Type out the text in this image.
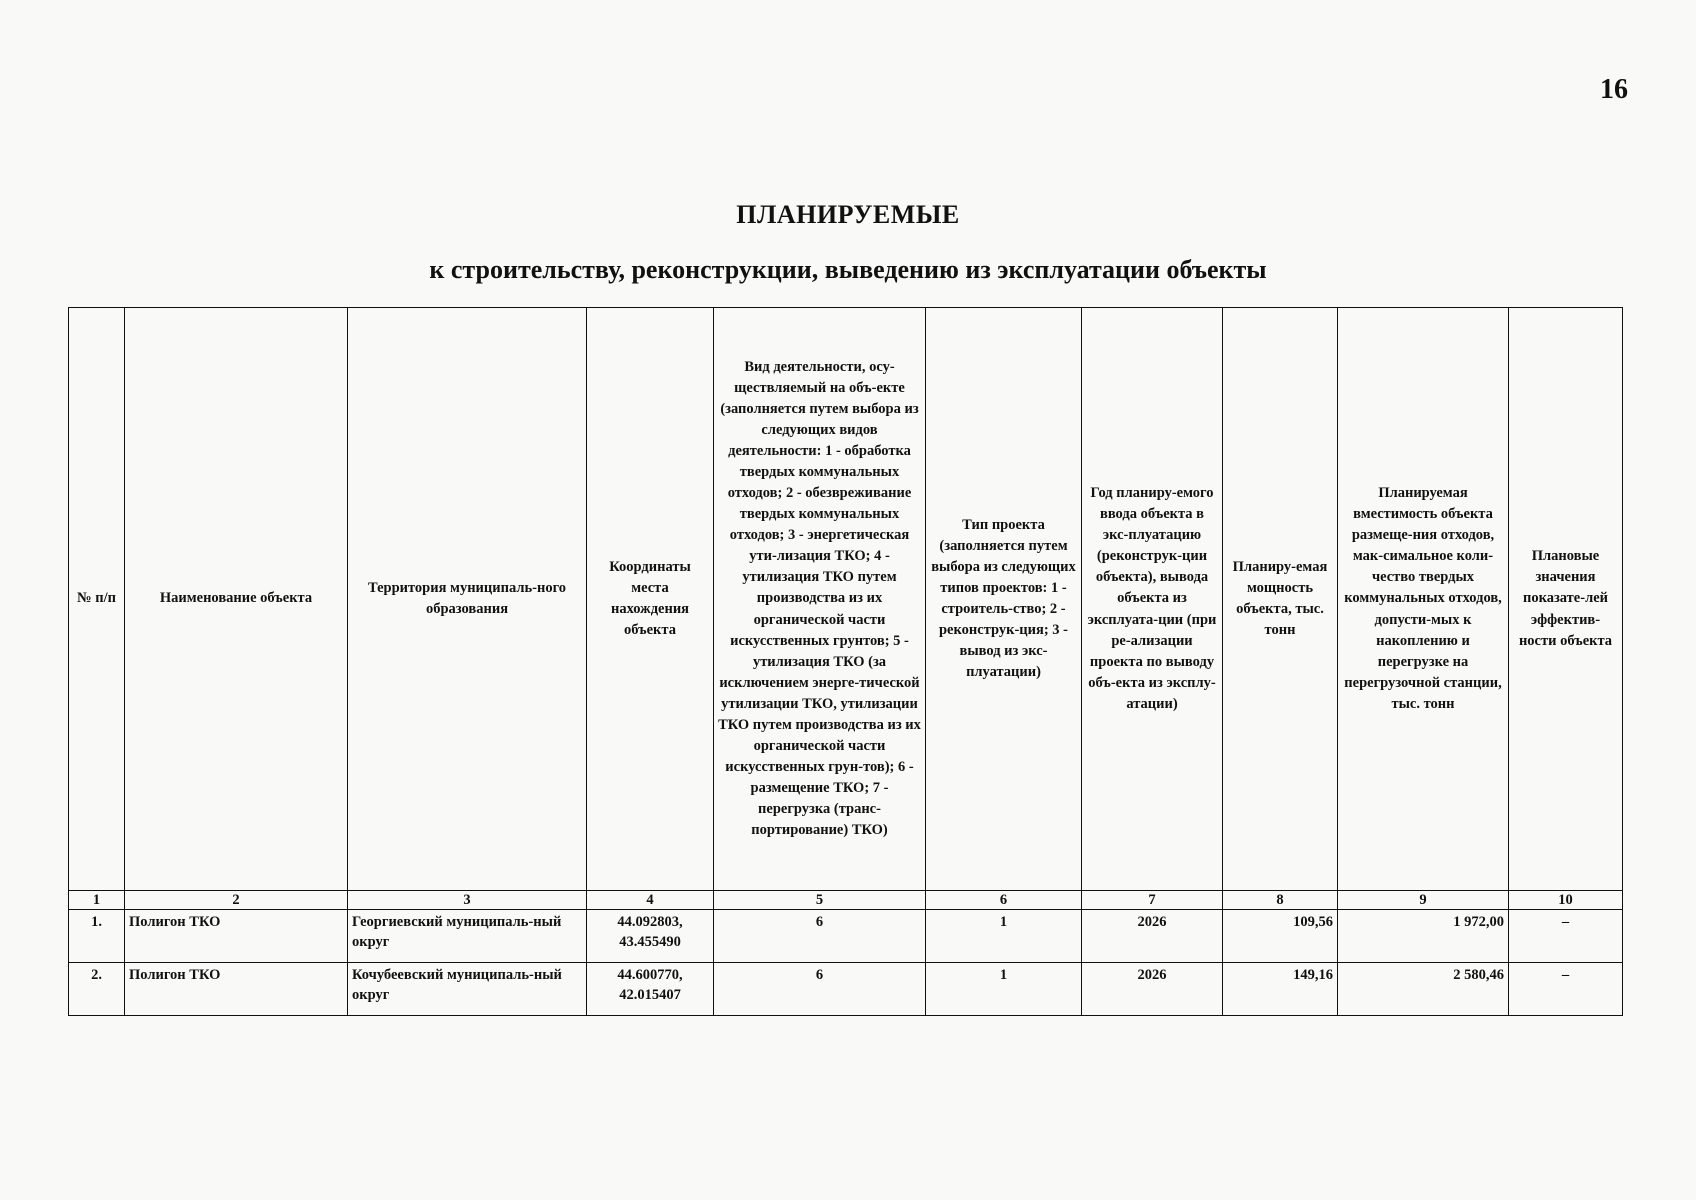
16
ПЛАНИРУЕМЫЕ
к строительству, реконструкции, выведению из эксплуатации объекты
№ п/п	Наименование объекта	Территория муниципаль-ного образования	Координаты места нахождения объекта	Вид деятельности, осу-ществляемый на объ-екте (заполняется путем выбора из следующих видов деятельности: 1 - обработка твердых коммунальных отходов; 2 - обезвреживание твердых коммунальных отходов; 3 - энергетическая ути-лизация ТКО; 4 - утилизация ТКО путем производства из их органической части искусственных грунтов; 5 - утилизация ТКО (за исключением энерге-тической утилизации ТКО, утилизации ТКО путем производства из их органической части искусственных грун-тов); 6 - размещение ТКО; 7 - перегрузка (транс-портирование) ТКО)	Тип проекта (заполняется путем выбора из следующих типов проектов: 1 - строитель-ство; 2 - реконструк-ция; 3 - вывод из экс-плуатации)	Год планиру-емого ввода объекта в экс-плуатацию (реконструк-ции объекта), вывода объекта из эксплуата-ции (при ре-ализации проекта по выводу объ-екта из эксплу-атации)	Планиру-емая мощность объекта, тыс. тонн	Планируемая вместимость объекта размеще-ния отходов, мак-симальное коли-чество твердых коммунальных отходов, допусти-мых к накоплению и перегрузке на перегрузочной станции, тыс. тонн	Плановые значения показате-лей эффектив-ности объекта
1	2	3	4	5	6	7	8	9	10
1.	Полигон ТКО	Георгиевский муниципаль-ный округ	44.092803, 43.455490	6	1	2026	109,56	1 972,00	–
2.	Полигон ТКО	Кочубеевский муниципаль-ный округ	44.600770, 42.015407	6	1	2026	149,16	2 580,46	–
